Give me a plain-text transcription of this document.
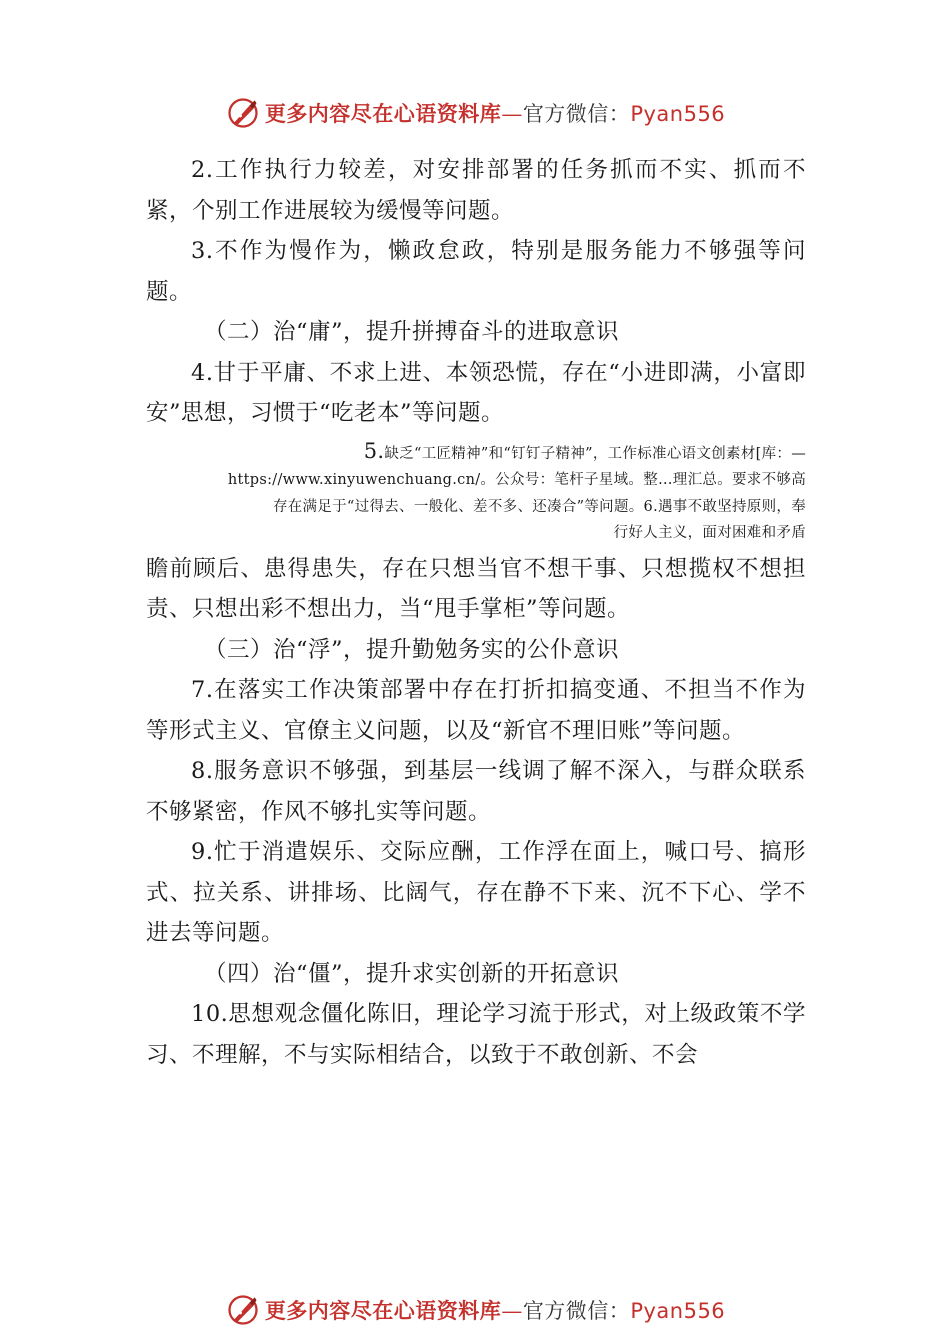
更多内容尽在心语资料库—官方微信：Pyan556

2.工作执行力较差，对安排部署的任务抓而不实、抓而不紧，个别工作进展较为缓慢等问题。

3.不作为慢作为，懒政怠政，特别是服务能力不够强等问题。

（二）治“庸”，提升拼搏奋斗的进取意识

4.甘于平庸、不求上进、本领恐慌，存在“小进即满，小富即安”思想，习惯于“吃老本”等问题。

5.缺乏“工匠精神”和“钉钉子精神”，工作标准心语文创素材[库：—
https://www.xinyuwenchuang.cn/。公众号：笔杆子星域。整…理汇总。要求不够高
存在满足于“过得去、一般化、差不多、还凑合”等问题。6.遇事不敢坚持原则，奉
行好人主义，面对困难和矛盾

瞻前顾后、患得患失，存在只想当官不想干事、只想揽权不想担责、只想出彩不想出力，当“甩手掌柜”等问题。

（三）治“浮”，提升勤勉务实的公仆意识

7.在落实工作决策部署中存在打折扣搞变通、不担当不作为等形式主义、官僚主义问题，以及“新官不理旧账”等问题。

8.服务意识不够强，到基层一线调了解不深入，与群众联系不够紧密，作风不够扎实等问题。

9.忙于消遣娱乐、交际应酬，工作浮在面上，喊口号、搞形式、拉关系、讲排场、比阔气，存在静不下来、沉不下心、学不进去等问题。

（四）治“僵”，提升求实创新的开拓意识

10.思想观念僵化陈旧，理论学习流于形式，对上级政策不学习、不理解，不与实际相结合，以致于不敢创新、不会

更多内容尽在心语资料库—官方微信：Pyan556
